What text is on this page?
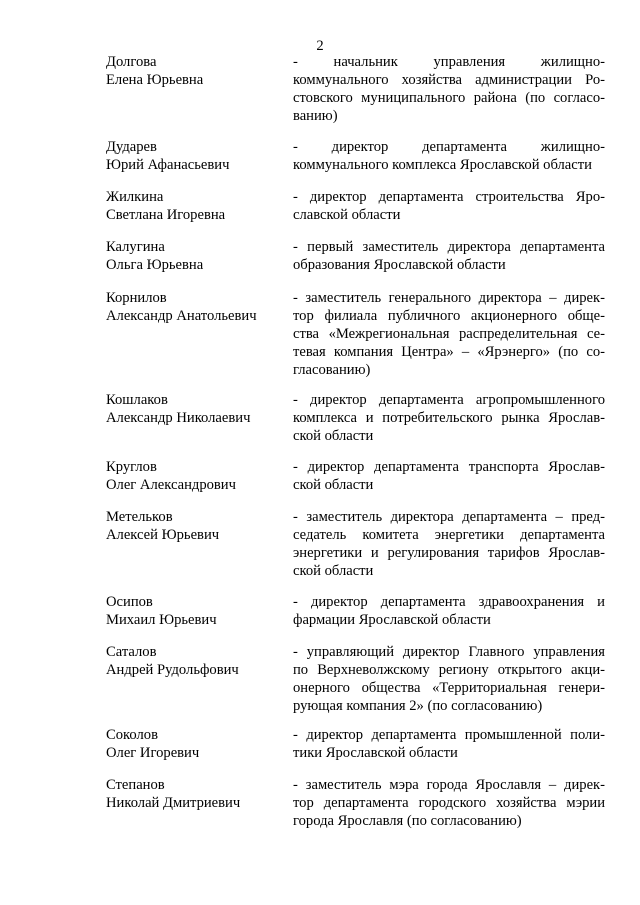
2
Долгова
Елена Юрьевна
- начальник управления жилищно-
коммунального хозяйства администрации Ро-
стовского муниципального района (по согласо-
ванию)
Дударев
Юрий Афанасьевич
- директор департамента жилищно-
коммунального комплекса Ярославской области
Жилкина
Светлана Игоревна
- директор департамента строительства Яро-
славской области
Калугина
Ольга Юрьевна
- первый заместитель директора департамента
образования Ярославской области
Корнилов
Александр Анатольевич
- заместитель генерального директора – дирек-
тор филиала публичного акционерного обще-
ства «Межрегиональная распределительная се-
тевая компания Центра» – «Ярэнерго» (по со-
гласованию)
Кошлаков
Александр Николаевич
- директор департамента агропромышленного
комплекса и потребительского рынка Ярослав-
ской области
Круглов
Олег Александрович
- директор департамента транспорта Ярослав-
ской области
Метельков
Алексей Юрьевич
- заместитель директора департамента – пред-
седатель комитета энергетики департамента
энергетики и регулирования тарифов Ярослав-
ской области
Осипов
Михаил Юрьевич
- директор департамента здравоохранения и
фармации Ярославской области
Саталов
Андрей Рудольфович
- управляющий директор Главного управления
по Верхневолжскому региону открытого акци-
онерного общества «Территориальная генери-
рующая компания 2» (по согласованию)
Соколов
Олег Игоревич
- директор департамента промышленной поли-
тики Ярославской области
Степанов
Николай Дмитриевич
- заместитель мэра города Ярославля – дирек-
тор департамента городского хозяйства мэрии
города Ярославля (по согласованию)
